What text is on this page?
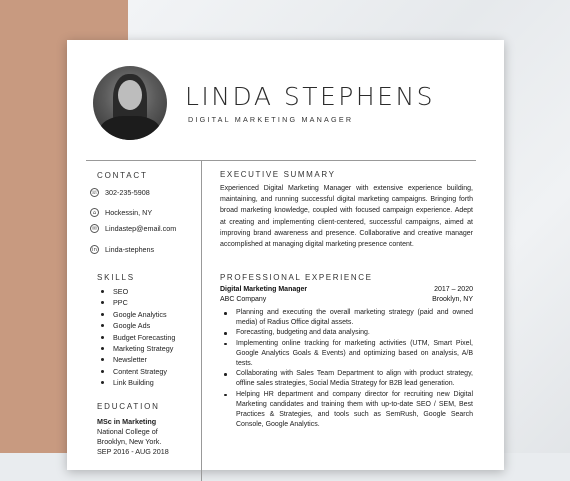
LINDA STEPHENS
DIGITAL MARKETING MANAGER
CONTACT
☏ 302-235-5908
⌂	Hockessin, NY
✉	Lindastep@email.com
in Linda-stephens
SKILLS
SEO
PPC
Google Analytics
Google Ads
Budget Forecasting
Marketing Strategy
Newsletter
Content Strategy
Link Building
EDUCATION
MSc in Marketing
National College of
Brooklyn, New York.
SEP 2016 - AUG 2018
EXECUTIVE SUMMARY

Experienced Digital Marketing Manager with extensive experience building, maintaining, and running successful digital marketing campaigns. Bringing forth broad marketing knowledge, coupled with focused campaign experience. Adept at creating and implementing client-centered, successful campaigns, aimed at improving brand awareness and presence. Collaborative and creative manager accomplished at managing digital marketing presence content.

PROFESSIONAL EXPERIENCE
Digital Marketing Manager	2017 – 2020
ABC Company	Brooklyn, NY
Planning and executing the overall marketing strategy (paid and owned media) of Radius Office digital assets.
Forecasting, budgeting and data analysing.
Implementing online tracking for marketing activities (UTM, Smart Pixel, Google Analytics Goals & Events) and optimizing based on analysis, A/B tests.
Collaborating with Sales Team Department to align with product strategy, offline sales strategies, Social Media Strategy for B2B lead generation.
Helping HR department and company director for recruiting new Digital Marketing candidates and training them with up-to-date SEO / SEM, Best Practices & Strategies, and tools such as SemRush, Google Search Console, Google Analytics.
